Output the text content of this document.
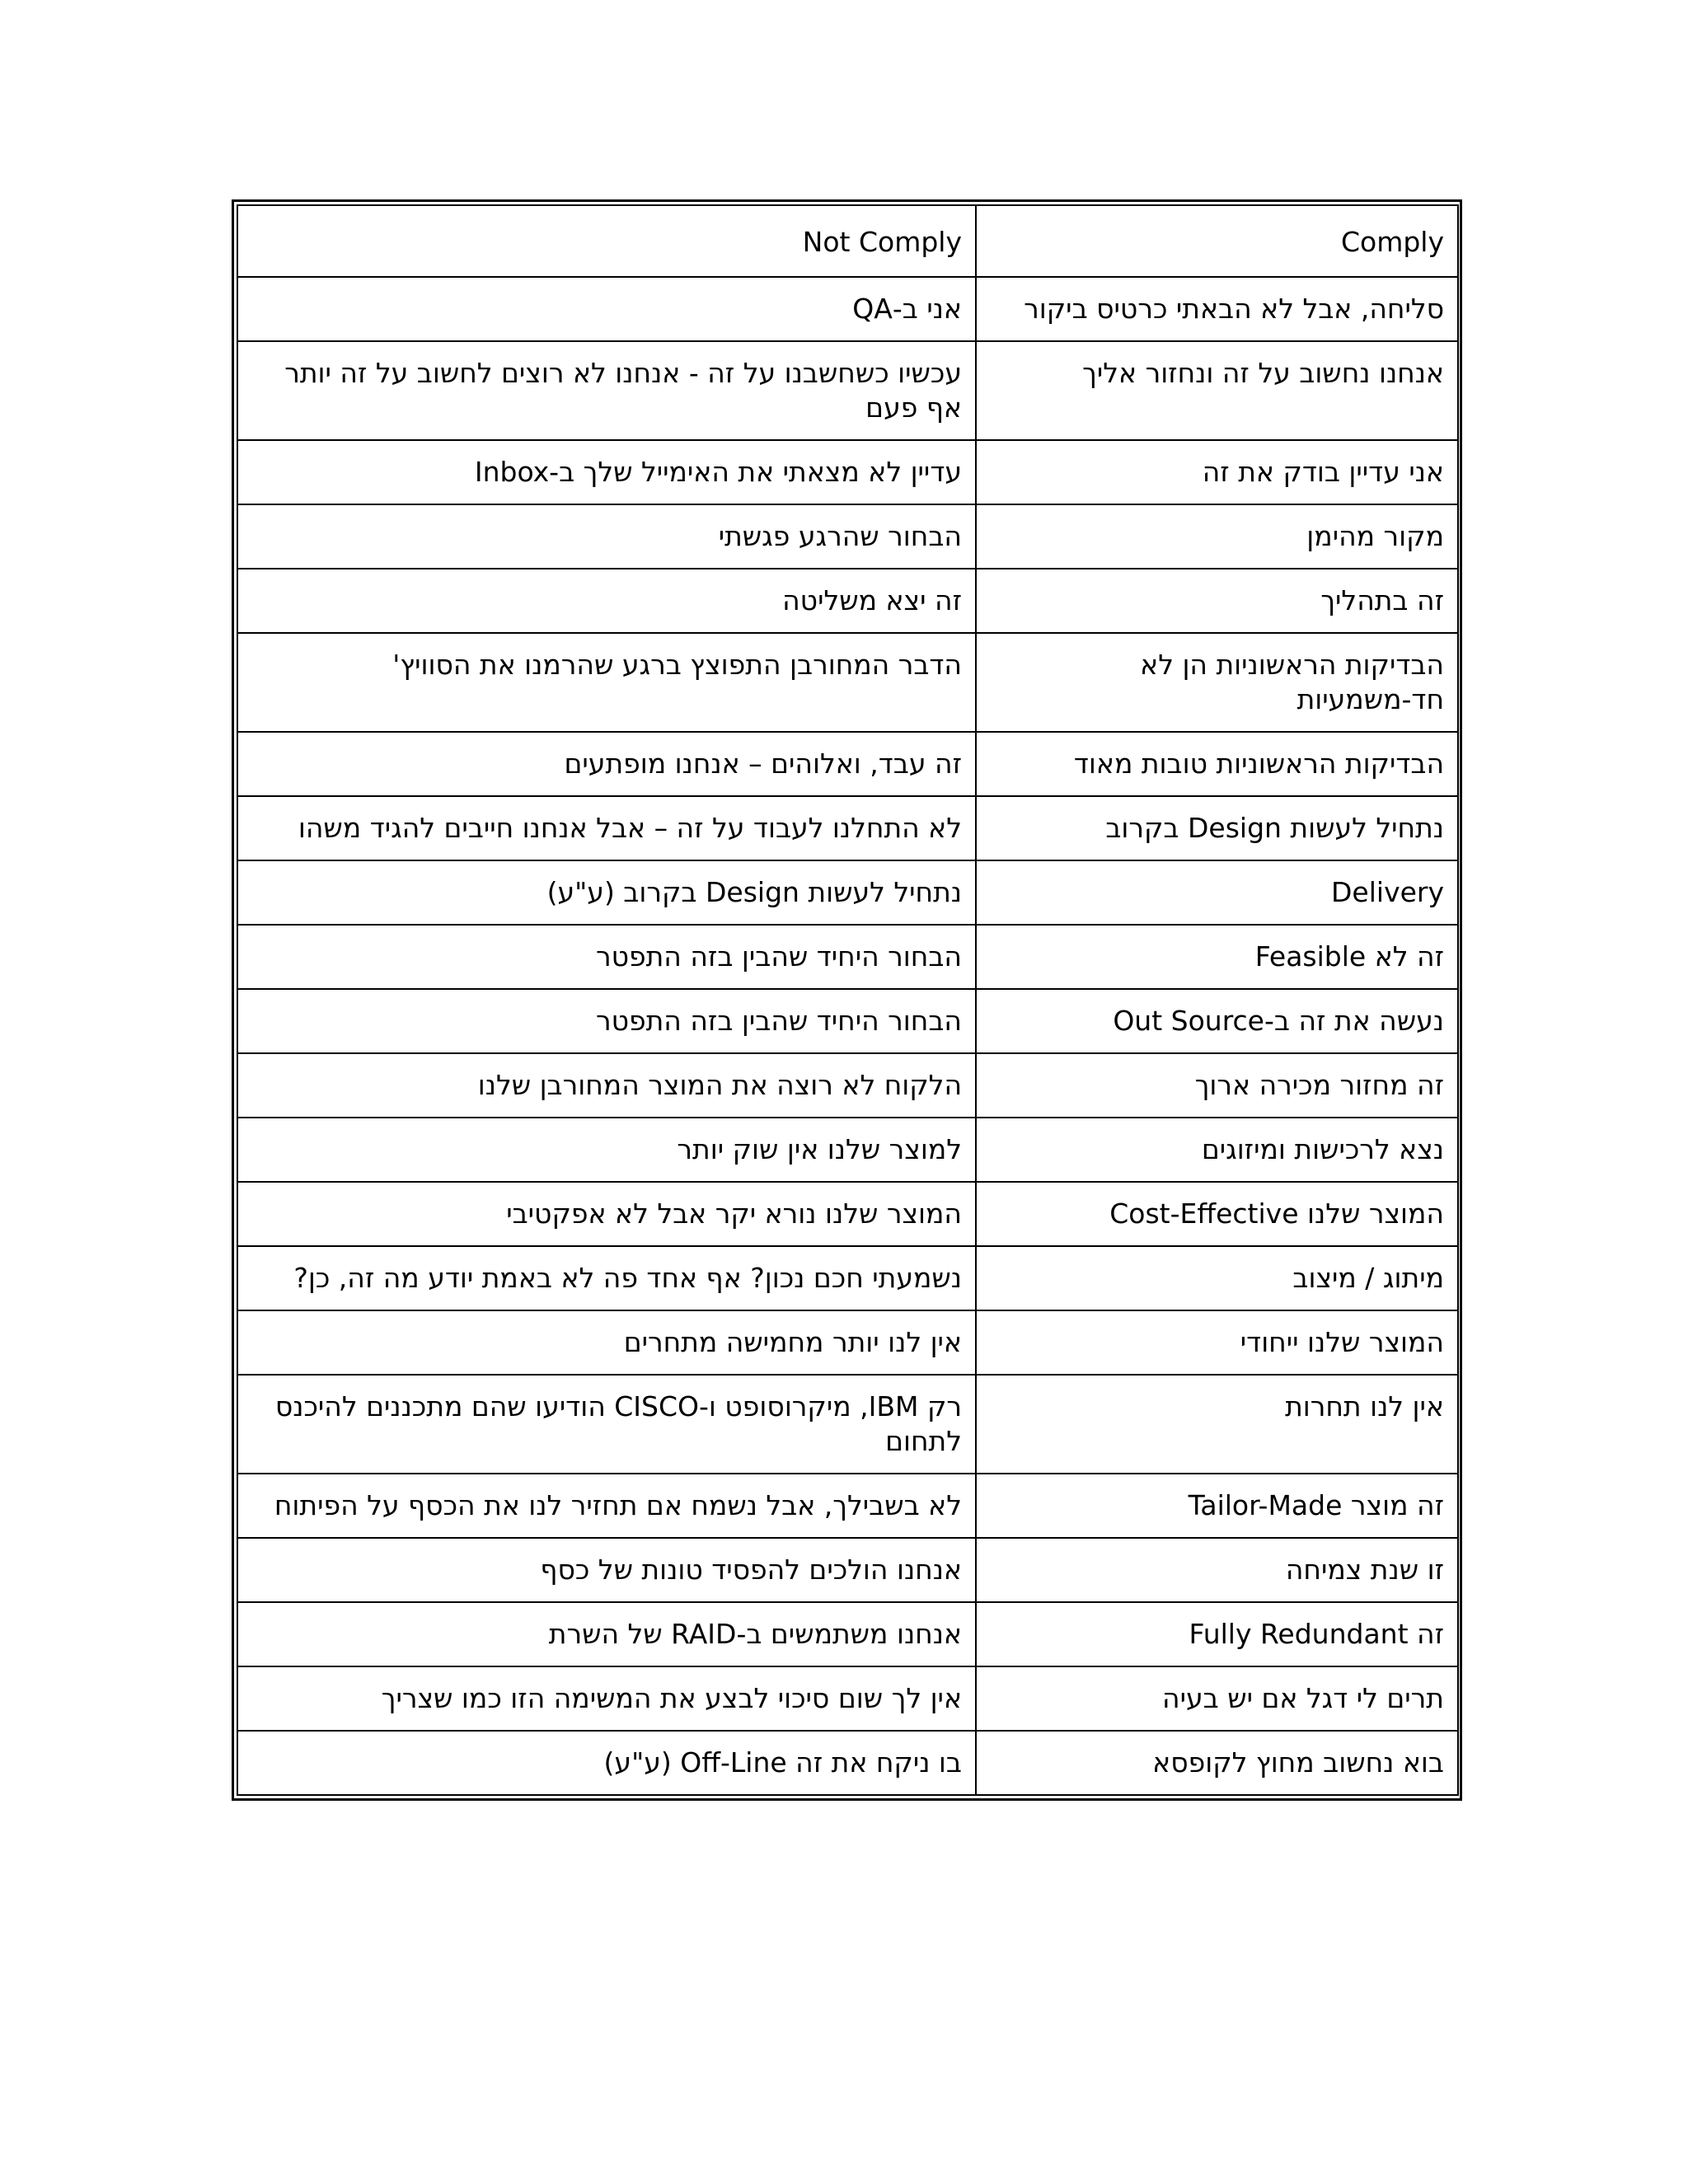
Comply	Not Comply
סליחה, אבל לא הבאתי כרטיס ביקור	אני ב-QA
אנחנו נחשוב על זה ונחזור אליך	עכשיו כשחשבנו על זה - אנחנו לא רוצים לחשוב על זה יותר אף פעם
אני עדיין בודק את זה	עדיין לא מצאתי את האימייל שלך ב-Inbox
מקור מהימן	הבחור שהרגע פגשתי
זה בתהליך	זה יצא משליטה
הבדיקות הראשוניות הן לא חד-משמעיות	הדבר המחורבן התפוצץ ברגע שהרמנו את הסוויץ'
הבדיקות הראשוניות טובות מאוד	זה עבד, ואלוהים – אנחנו מופתעים
נתחיל לעשות Design בקרוב	לא התחלנו לעבוד על זה – אבל אנחנו חייבים להגיד משהו
Delivery	נתחיל לעשות Design בקרוב (ע"ע)
זה לא Feasible	הבחור היחיד שהבין בזה התפטר
נעשה את זה ב-Out Source	הבחור היחיד שהבין בזה התפטר
זה מחזור מכירה ארוך	הלקוח לא רוצה את המוצר המחורבן שלנו
נצא לרכישות ומיזוגים	למוצר שלנו אין שוק יותר
המוצר שלנו Cost-Effective	המוצר שלנו נורא יקר אבל לא אפקטיבי
מיתוג / מיצוב	נשמעתי חכם נכון? אף אחד פה לא באמת יודע מה זה, כן?
המוצר שלנו ייחודי	אין לנו יותר מחמישה מתחרים
אין לנו תחרות	רק IBM, מיקרוסופט ו-CISCO הודיעו שהם מתכננים להיכנס לתחום
זה מוצר Tailor-Made	לא בשבילך, אבל נשמח אם תחזיר לנו את הכסף על הפיתוח
זו שנת צמיחה	אנחנו הולכים להפסיד טונות של כסף
זה Fully Redundant	אנחנו משתמשים ב-RAID של השרת
תרים לי דגל אם יש בעיה	אין לך שום סיכוי לבצע את המשימה הזו כמו שצריך
בוא נחשוב מחוץ לקופסא	בו ניקח את זה Off-Line (ע"ע)
